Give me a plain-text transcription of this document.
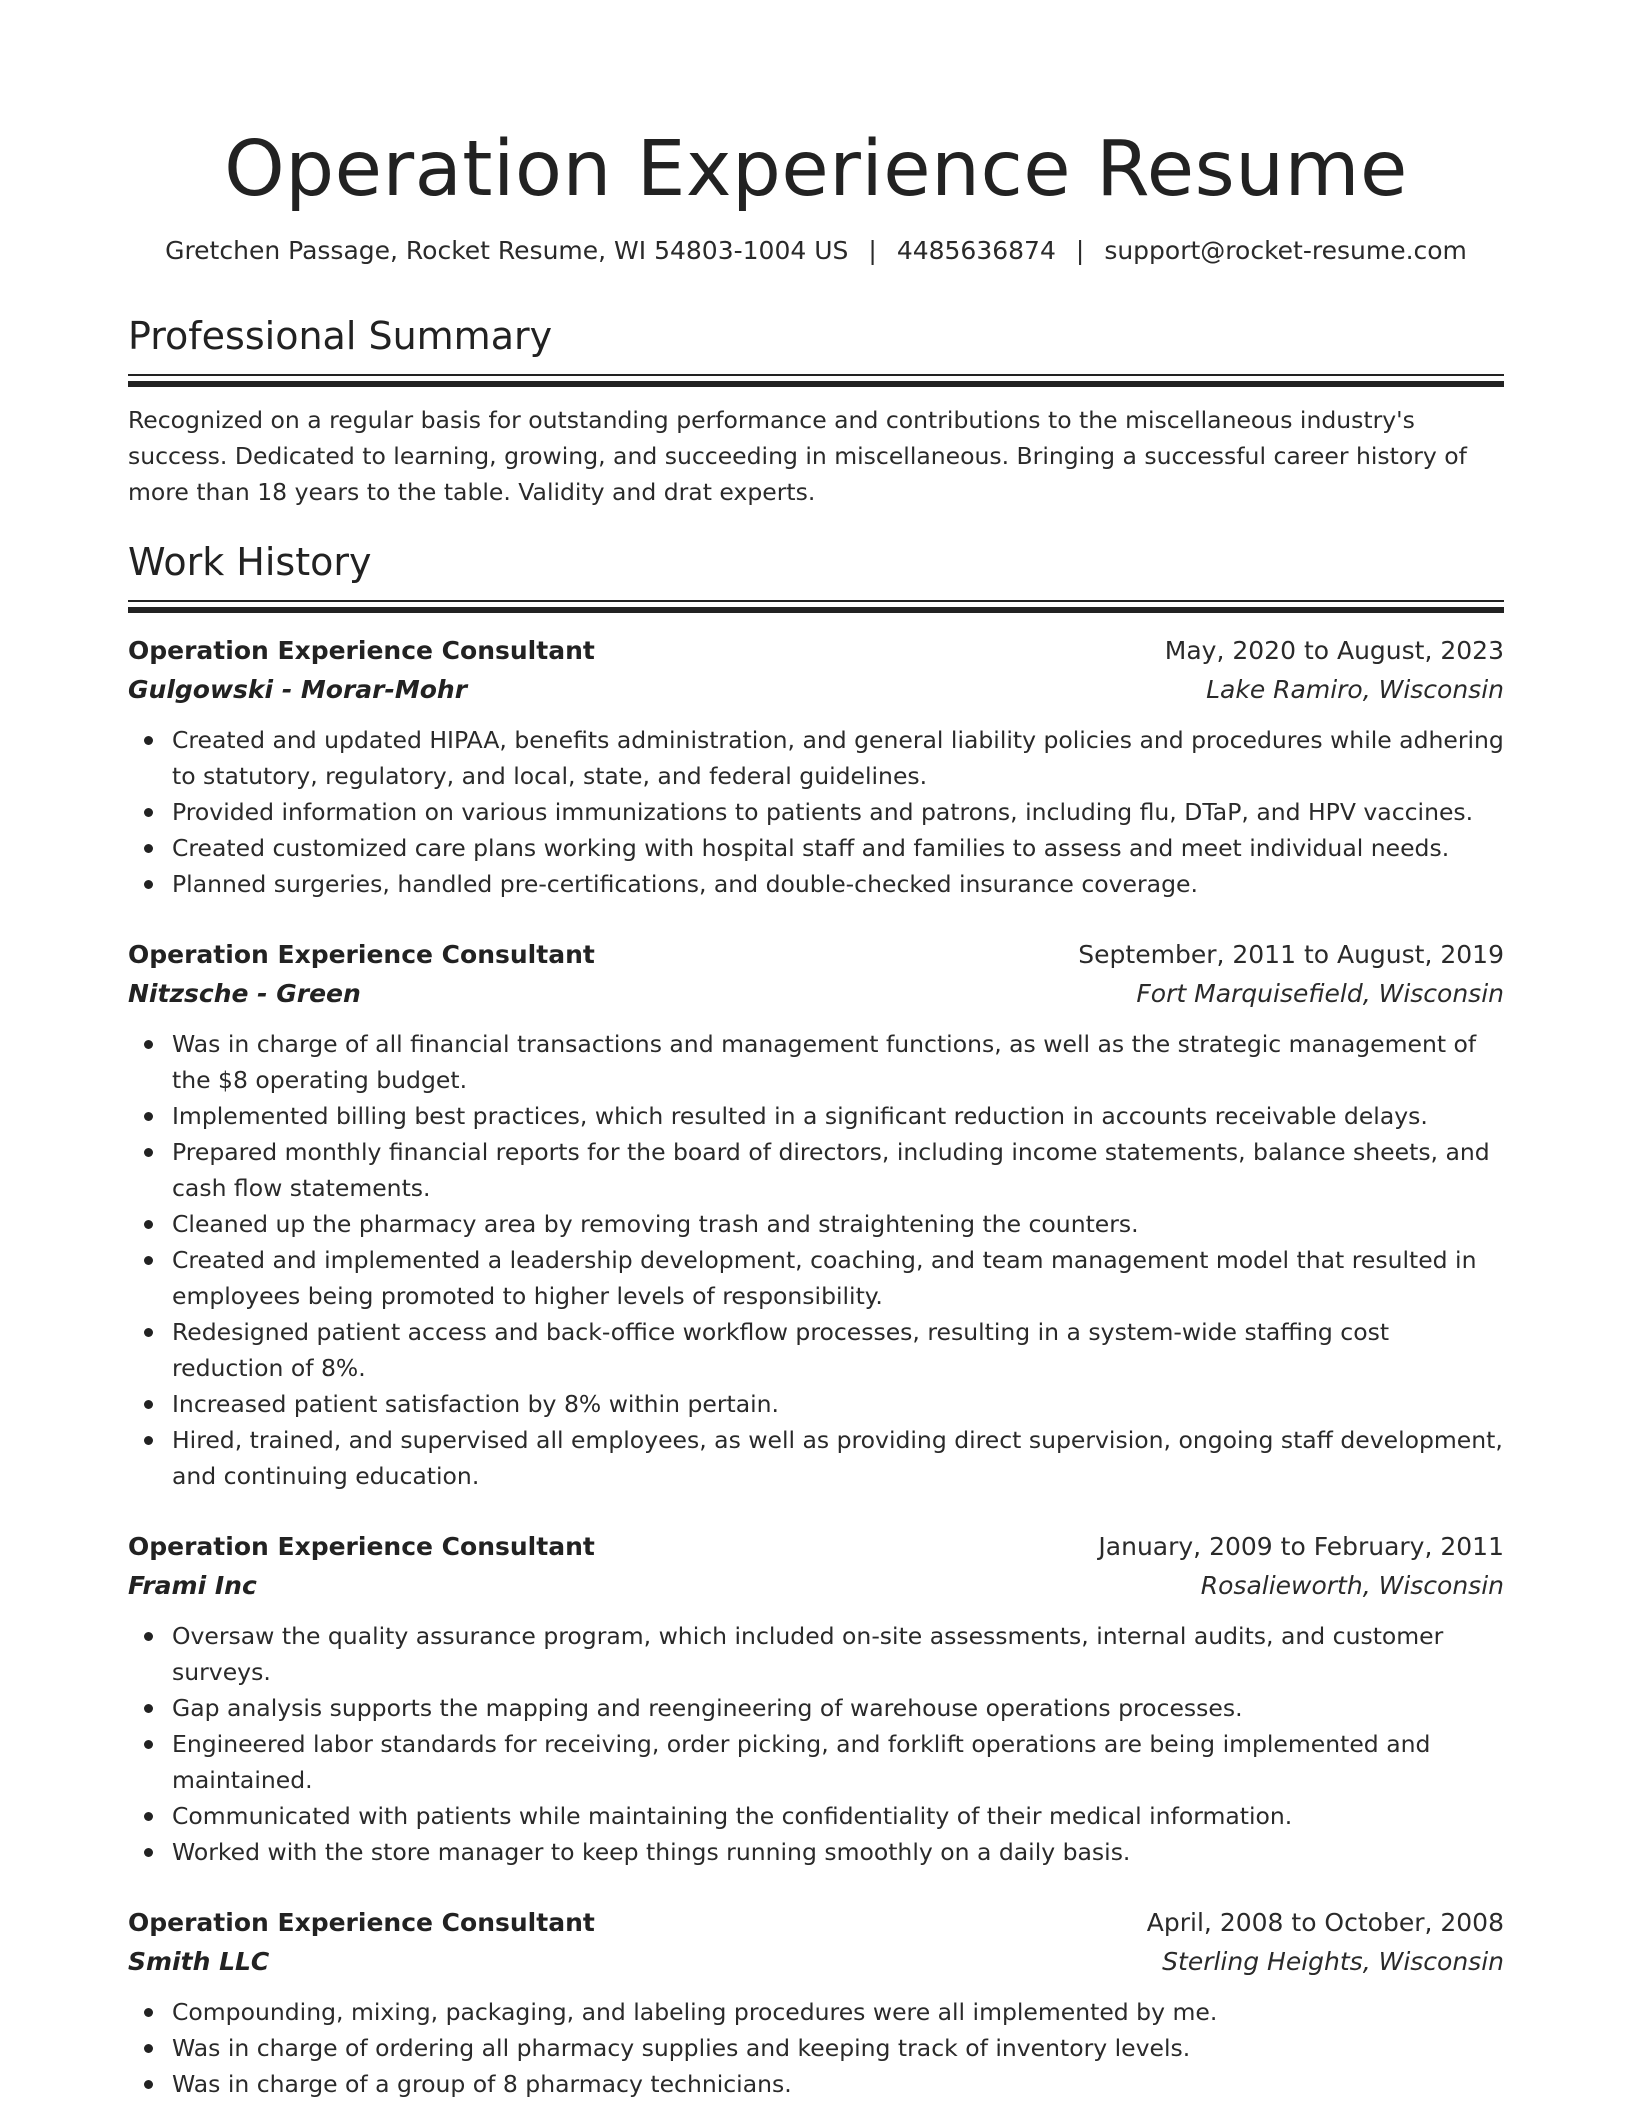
Operation Experience Resume
Gretchen Passage, Rocket Resume, WI 54803-1004 US | 4485636874 | support@rocket-resume.com
Professional Summary

Recognized on a regular basis for outstanding performance and contributions to the miscellaneous industry's success. Dedicated to learning, growing, and succeeding in miscellaneous. Bringing a successful career history of more than 18 years to the table. Validity and drat experts.

Work History
Operation Experience Consultant	May, 2020 to August, 2023
Gulgowski - Morar-Mohr	Lake Ramiro, Wisconsin
Created and updated HIPAA, benefits administration, and general liability policies and procedures while adhering to statutory, regulatory, and local, state, and federal guidelines.
Provided information on various immunizations to patients and patrons, including flu, DTaP, and HPV vaccines.
Created customized care plans working with hospital staff and families to assess and meet individual needs.
Planned surgeries, handled pre-certifications, and double-checked insurance coverage.
Operation Experience Consultant	September, 2011 to August, 2019
Nitzsche - Green	Fort Marquisefield, Wisconsin
Was in charge of all financial transactions and management functions, as well as the strategic management of the $8 operating budget.
Implemented billing best practices, which resulted in a significant reduction in accounts receivable delays.
Prepared monthly financial reports for the board of directors, including income statements, balance sheets, and cash flow statements.
Cleaned up the pharmacy area by removing trash and straightening the counters.
Created and implemented a leadership development, coaching, and team management model that resulted in employees being promoted to higher levels of responsibility.
Redesigned patient access and back-office workflow processes, resulting in a system-wide staffing cost reduction of 8%.
Increased patient satisfaction by 8% within pertain.
Hired, trained, and supervised all employees, as well as providing direct supervision, ongoing staff development, and continuing education.
Operation Experience Consultant	January, 2009 to February, 2011
Frami Inc	Rosalieworth, Wisconsin
Oversaw the quality assurance program, which included on-site assessments, internal audits, and customer surveys.
Gap analysis supports the mapping and reengineering of warehouse operations processes.
Engineered labor standards for receiving, order picking, and forklift operations are being implemented and maintained.
Communicated with patients while maintaining the confidentiality of their medical information.
Worked with the store manager to keep things running smoothly on a daily basis.
Operation Experience Consultant	April, 2008 to October, 2008
Smith LLC	Sterling Heights, Wisconsin
Compounding, mixing, packaging, and labeling procedures were all implemented by me.
Was in charge of ordering all pharmacy supplies and keeping track of inventory levels.
Was in charge of a group of 8 pharmacy technicians.
